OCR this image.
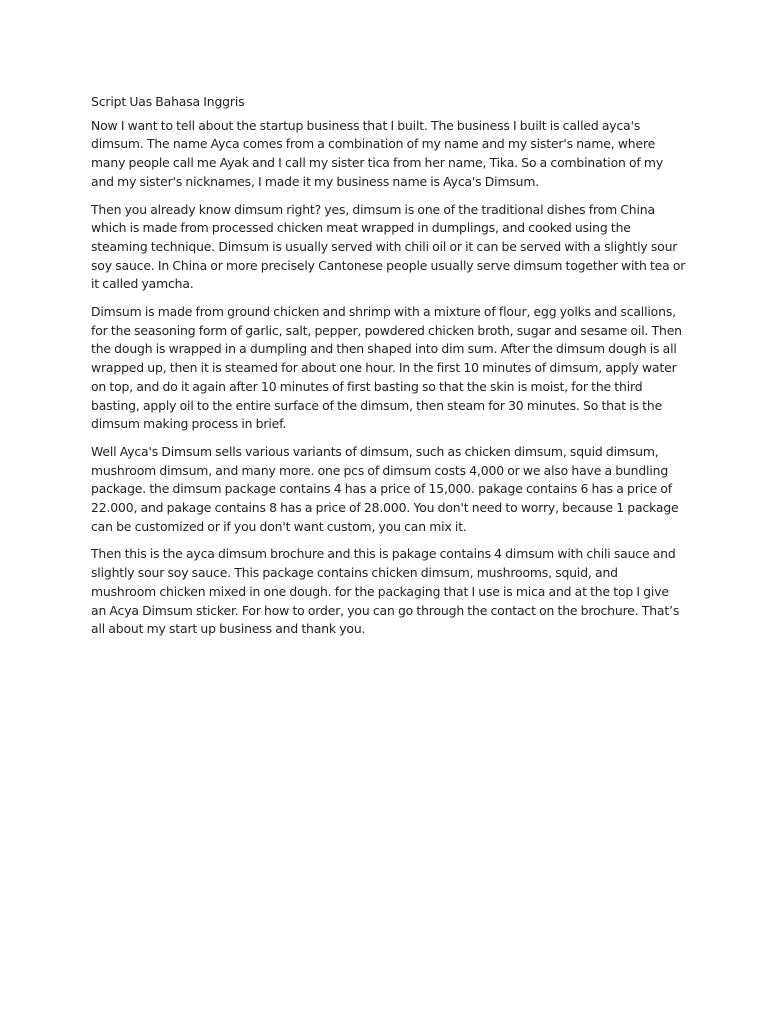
Script Uas Bahasa Inggris

Now I want to tell about the startup business that I built. The business I built is called ayca's dimsum. The name Ayca comes from a combination of my name and my sister's name, where many people call me Ayak and I call my sister tica from her name, Tika. So a combination of my and my sister's nicknames, I made it my business name is Ayca's Dimsum.

Then you already know dimsum right? yes, dimsum is one of the traditional dishes from China which is made from processed chicken meat wrapped in dumplings, and cooked using the steaming technique. Dimsum is usually served with chili oil or it can be served with a slightly sour soy sauce. In China or more precisely Cantonese people usually serve dimsum together with tea or it called yamcha.

Dimsum is made from ground chicken and shrimp with a mixture of flour, egg yolks and scallions, for the seasoning form of garlic, salt, pepper, powdered chicken broth, sugar and sesame oil. Then the dough is wrapped in a dumpling and then shaped into dim sum. After the dimsum dough is all wrapped up, then it is steamed for about one hour. In the first 10 minutes of dimsum, apply water on top, and do it again after 10 minutes of first basting so that the skin is moist, for the third basting, apply oil to the entire surface of the dimsum, then steam for 30 minutes. So that is the dimsum making process in brief.

Well Ayca's Dimsum sells various variants of dimsum, such as chicken dimsum, squid dimsum, mushroom dimsum, and many more. one pcs of dimsum costs 4,000 or we also have a bundling package. the dimsum package contains 4 has a price of 15,000. pakage contains 6 has a price of 22.000, and pakage contains 8 has a price of 28.000. You don't need to worry, because 1 package can be customized or if you don't want custom, you can mix it.

Then this is the ayca dimsum brochure and this is pakage contains 4 dimsum with chili sauce and slightly sour soy sauce. This package contains chicken dimsum, mushrooms, squid, and mushroom chicken mixed in one dough. for the packaging that I use is mica and at the top I give an Acya Dimsum sticker. For how to order, you can go through the contact on the brochure. That’s all about my start up business and thank you.
